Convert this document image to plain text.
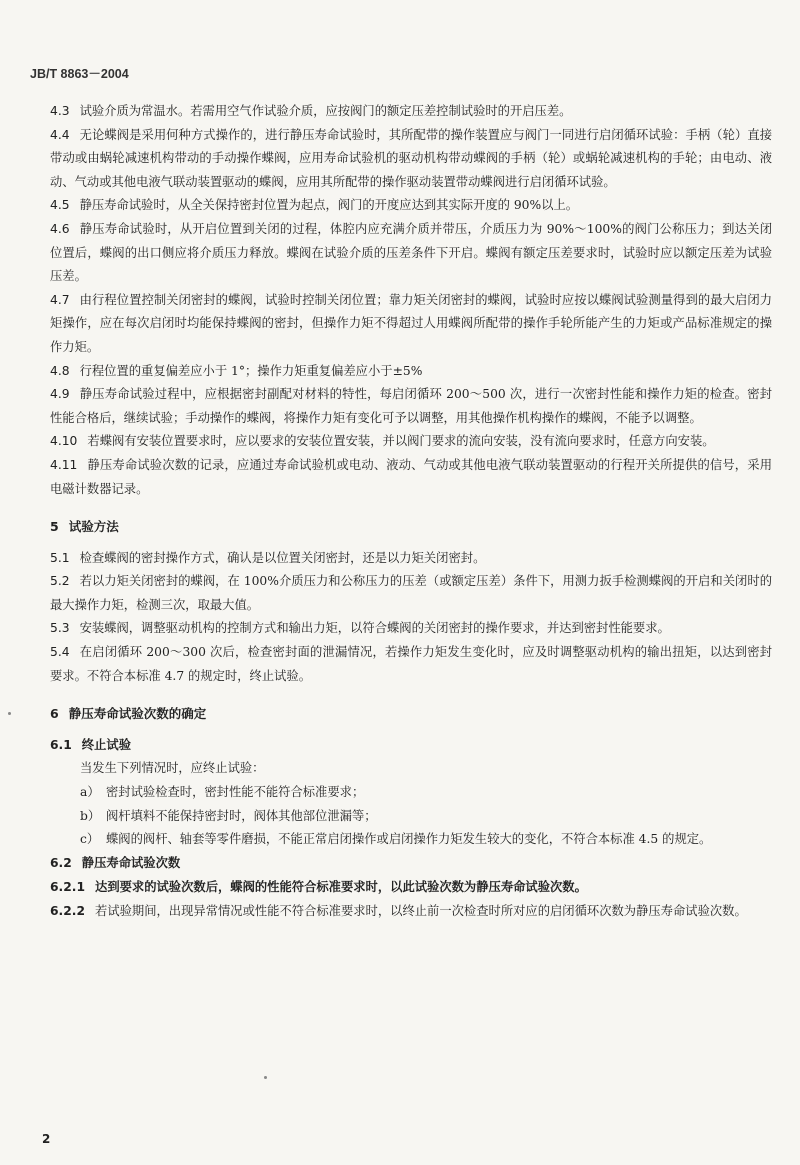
JB/T 8863－2004

4.3 试验介质为常温水。若需用空气作试验介质，应按阀门的额定压差控制试验时的开启压差。

4.4 无论蝶阀是采用何种方式操作的，进行静压寿命试验时，其所配带的操作装置应与阀门一同进行启闭循环试验：手柄（轮）直接带动或由蜗轮减速机构带动的手动操作蝶阀，应用寿命试验机的驱动机构带动蝶阀的手柄（轮）或蜗轮减速机构的手轮；由电动、液动、气动或其他电液气联动装置驱动的蝶阀，应用其所配带的操作驱动装置带动蝶阀进行启闭循环试验。

4.5 静压寿命试验时，从全关保持密封位置为起点，阀门的开度应达到其实际开度的 90%以上。

4.6 静压寿命试验时，从开启位置到关闭的过程，体腔内应充满介质并带压，介质压力为 90%～100%的阀门公称压力；到达关闭位置后，蝶阀的出口侧应将介质压力释放。蝶阀在试验介质的压差条件下开启。蝶阀有额定压差要求时，试验时应以额定压差为试验压差。

4.7 由行程位置控制关闭密封的蝶阀，试验时控制关闭位置；靠力矩关闭密封的蝶阀，试验时应按以蝶阀试验测量得到的最大启闭力矩操作，应在每次启闭时均能保持蝶阀的密封，但操作力矩不得超过人用蝶阀所配带的操作手轮所能产生的力矩或产品标准规定的操作力矩。

4.8 行程位置的重复偏差应小于 1°；操作力矩重复偏差应小于±5%

4.9 静压寿命试验过程中，应根据密封副配对材料的特性，每启闭循环 200～500 次，进行一次密封性能和操作力矩的检查。密封性能合格后，继续试验；手动操作的蝶阀，将操作力矩有变化可予以调整，用其他操作机构操作的蝶阀，不能予以调整。

4.10 若蝶阀有安装位置要求时，应以要求的安装位置安装，并以阀门要求的流向安装，没有流向要求时，任意方向安装。

4.11 静压寿命试验次数的记录，应通过寿命试验机或电动、液动、气动或其他电液气联动装置驱动的行程开关所提供的信号，采用电磁计数器记录。

5 试验方法

5.1 检查蝶阀的密封操作方式，确认是以位置关闭密封，还是以力矩关闭密封。

5.2 若以力矩关闭密封的蝶阀，在 100%介质压力和公称压力的压差（或额定压差）条件下，用测力扳手检测蝶阀的开启和关闭时的最大操作力矩，检测三次，取最大值。

5.3 安装蝶阀，调整驱动机构的控制方式和输出力矩，以符合蝶阀的关闭密封的操作要求，并达到密封性能要求。

5.4 在启闭循环 200～300 次后，检查密封面的泄漏情况，若操作力矩发生变化时，应及时调整驱动机构的输出扭矩，以达到密封要求。不符合本标准 4.7 的规定时，终止试验。

6 静压寿命试验次数的确定

6.1 终止试验

当发生下列情况时，应终止试验：

a） 密封试验检查时，密封性能不能符合标准要求；

b） 阀杆填料不能保持密封时，阀体其他部位泄漏等；

c） 蝶阀的阀杆、轴套等零件磨损，不能正常启闭操作或启闭操作力矩发生较大的变化，不符合本标准 4.5 的规定。

6.2 静压寿命试验次数

6.2.1 达到要求的试验次数后，蝶阀的性能符合标准要求时，以此试验次数为静压寿命试验次数。

6.2.2 若试验期间，出现异常情况或性能不符合标准要求时，以终止前一次检查时所对应的启闭循环次数为静压寿命试验次数。

2
